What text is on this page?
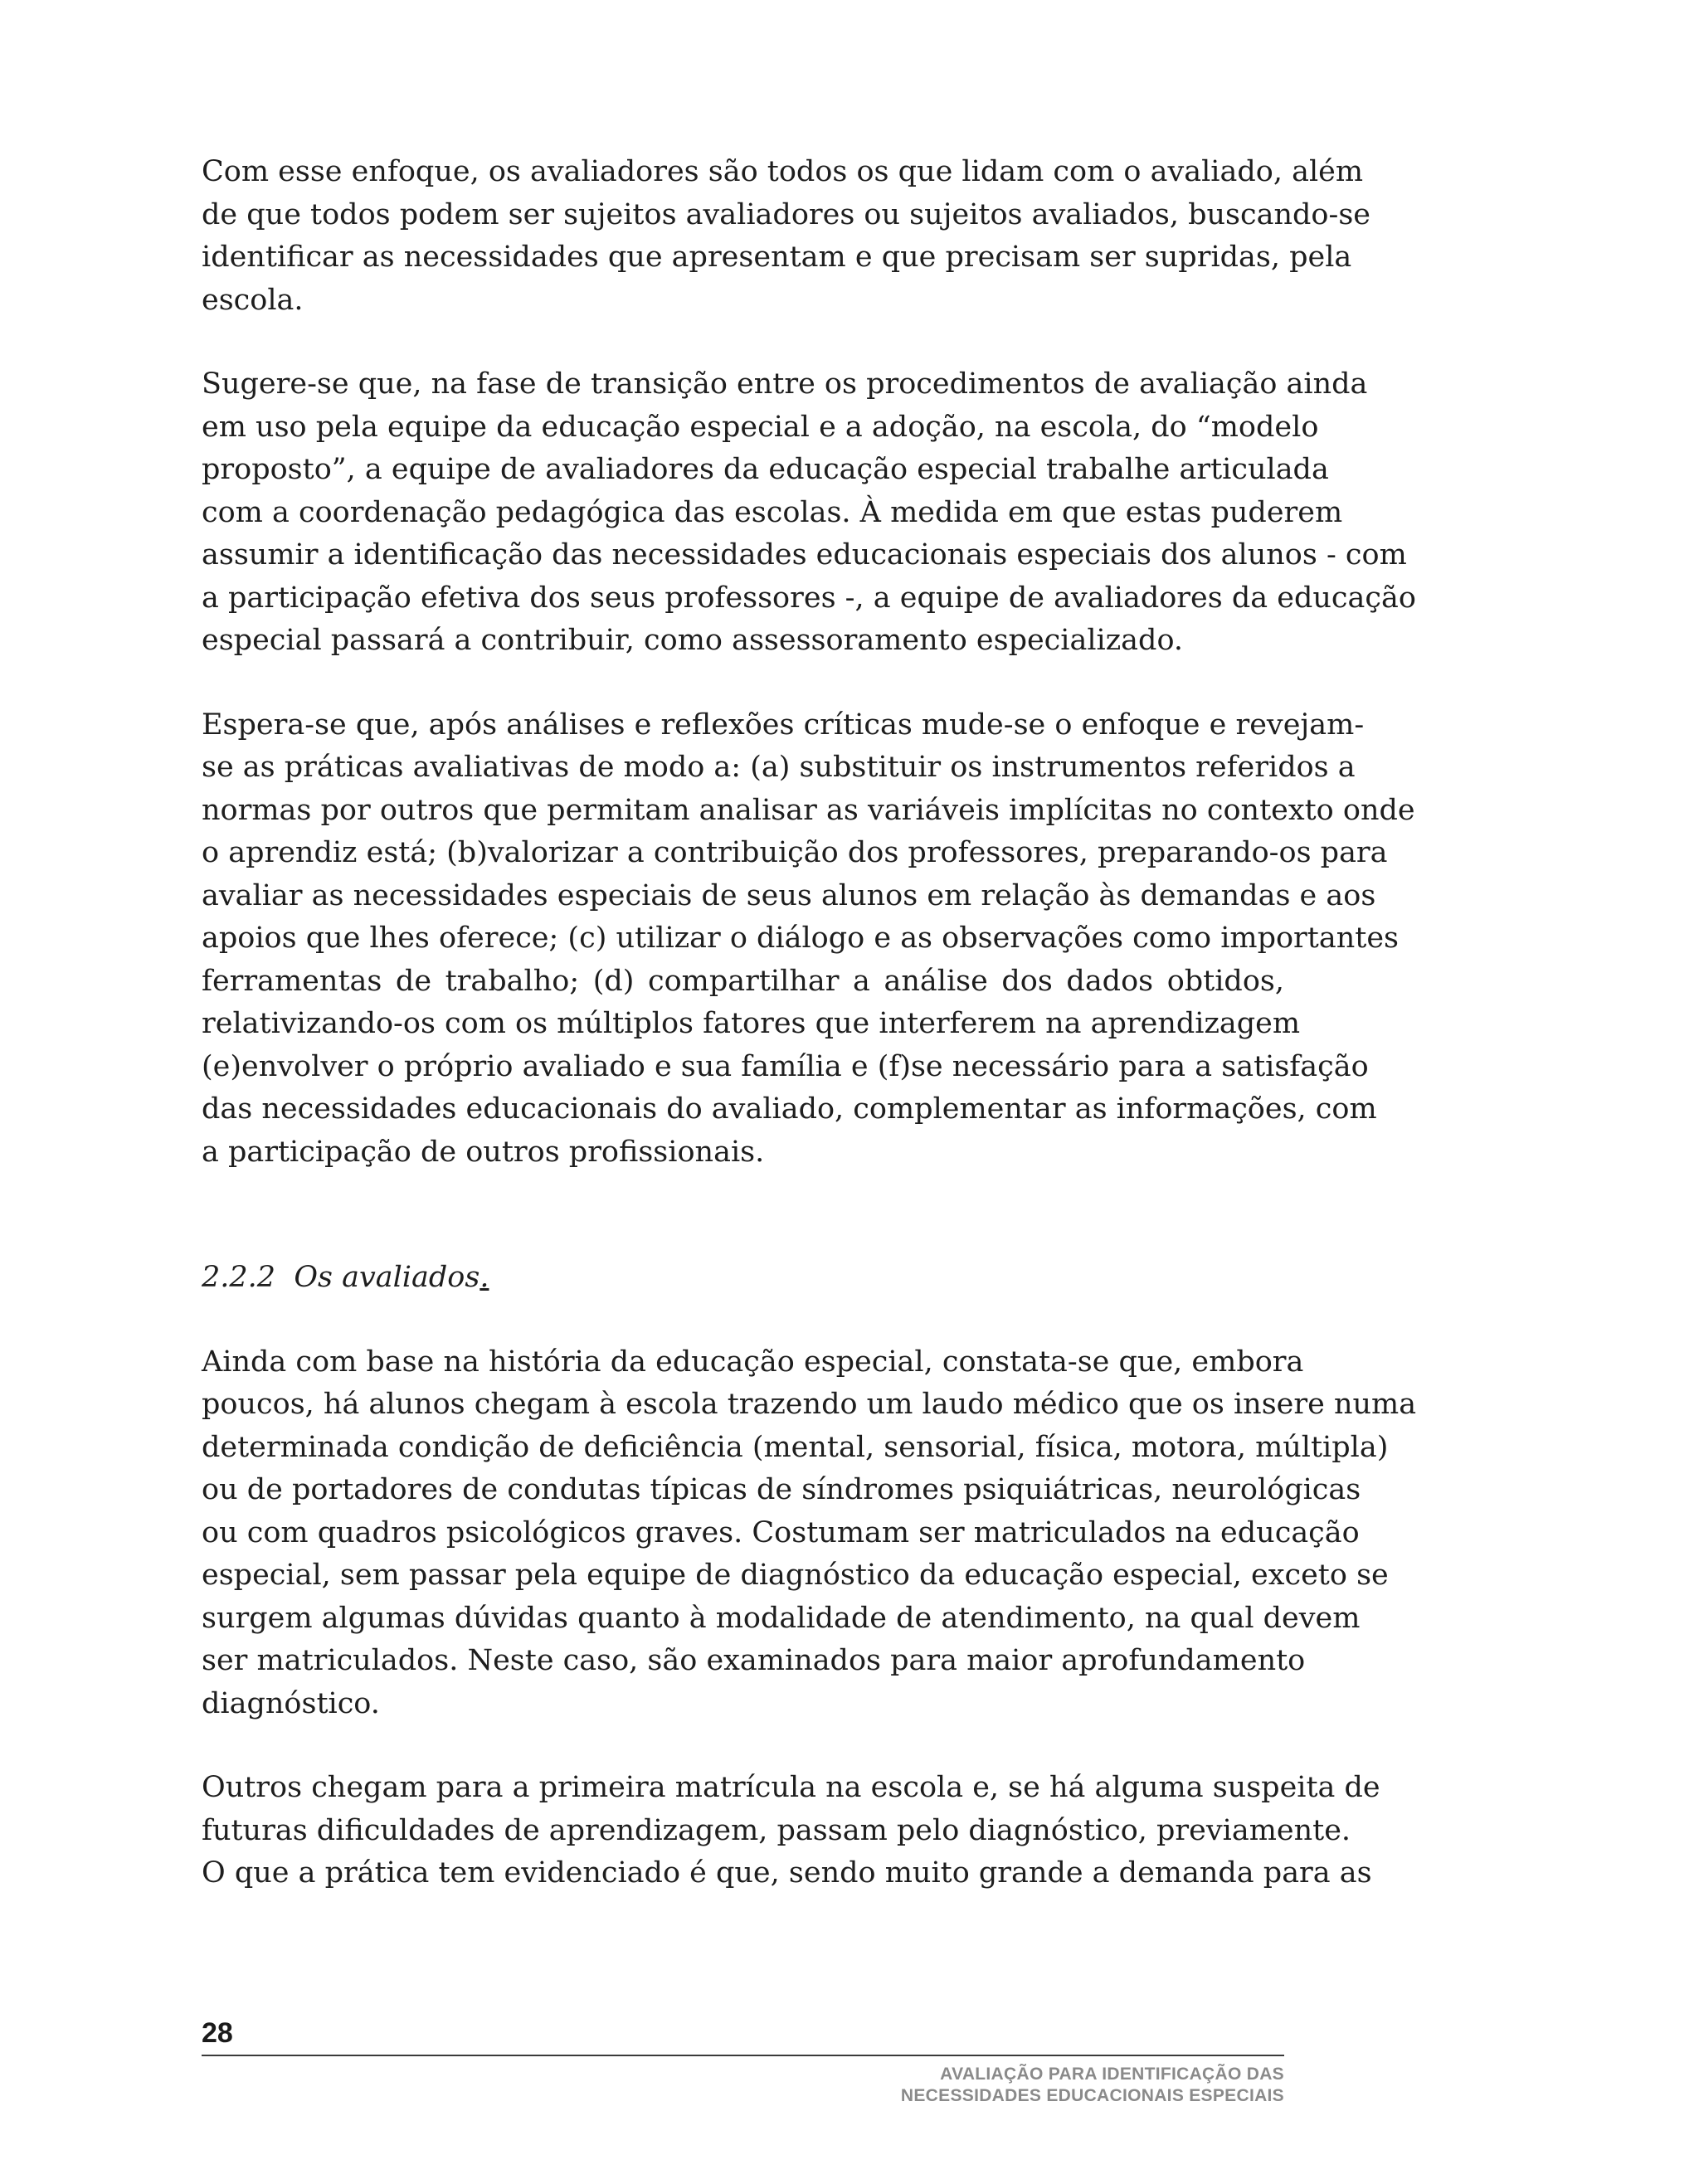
Com esse enfoque, os avaliadores são todos os que lidam com o avaliado, além
de que todos podem ser sujeitos avaliadores ou sujeitos avaliados, buscando-se
identificar as necessidades que apresentam e que precisam ser supridas, pela
escola.

Sugere-se que, na fase de transição entre os procedimentos de avaliação ainda
em uso pela equipe da educação especial e a adoção, na escola, do “modelo
proposto”, a equipe de avaliadores da educação especial trabalhe articulada
com a coordenação pedagógica das escolas. À medida em que estas puderem
assumir a identificação das necessidades educacionais especiais dos alunos - com
a participação efetiva dos seus professores -, a equipe de avaliadores da educação
especial passará a contribuir, como assessoramento especializado.

Espera-se que, após análises e reflexões críticas mude-se o enfoque e revejam-
se as práticas avaliativas de modo a: (a) substituir os instrumentos referidos a
normas por outros que permitam analisar as variáveis implícitas no contexto onde
o aprendiz está; (b)valorizar a contribuição dos professores, preparando-os para
avaliar as necessidades especiais de seus alunos em relação às demandas e aos
apoios que lhes oferece; (c) utilizar o diálogo e as observações como importantes
ferramentas de trabalho; (d) compartilhar a análise dos dados obtidos,
relativizando-os com os múltiplos fatores que interferem na aprendizagem
(e)envolver o próprio avaliado e sua família e (f)se necessário para a satisfação
das necessidades educacionais do avaliado, complementar as informações, com
a participação de outros profissionais.

2.2.2 Os avaliados.

Ainda com base na história da educação especial, constata-se que, embora
poucos, há alunos chegam à escola trazendo um laudo médico que os insere numa
determinada condição de deficiência (mental, sensorial, física, motora, múltipla)
ou de portadores de condutas típicas de síndromes psiquiátricas, neurológicas
ou com quadros psicológicos graves. Costumam ser matriculados na educação
especial, sem passar pela equipe de diagnóstico da educação especial, exceto se
surgem algumas dúvidas quanto à modalidade de atendimento, na qual devem
ser matriculados. Neste caso, são examinados para maior aprofundamento
diagnóstico.

Outros chegam para a primeira matrícula na escola e, se há alguma suspeita de
futuras dificuldades de aprendizagem, passam pelo diagnóstico, previamente.
O que a prática tem evidenciado é que, sendo muito grande a demanda para as

28
AVALIAÇÃO PARA IDENTIFICAÇÃO DAS
NECESSIDADES EDUCACIONAIS ESPECIAIS
